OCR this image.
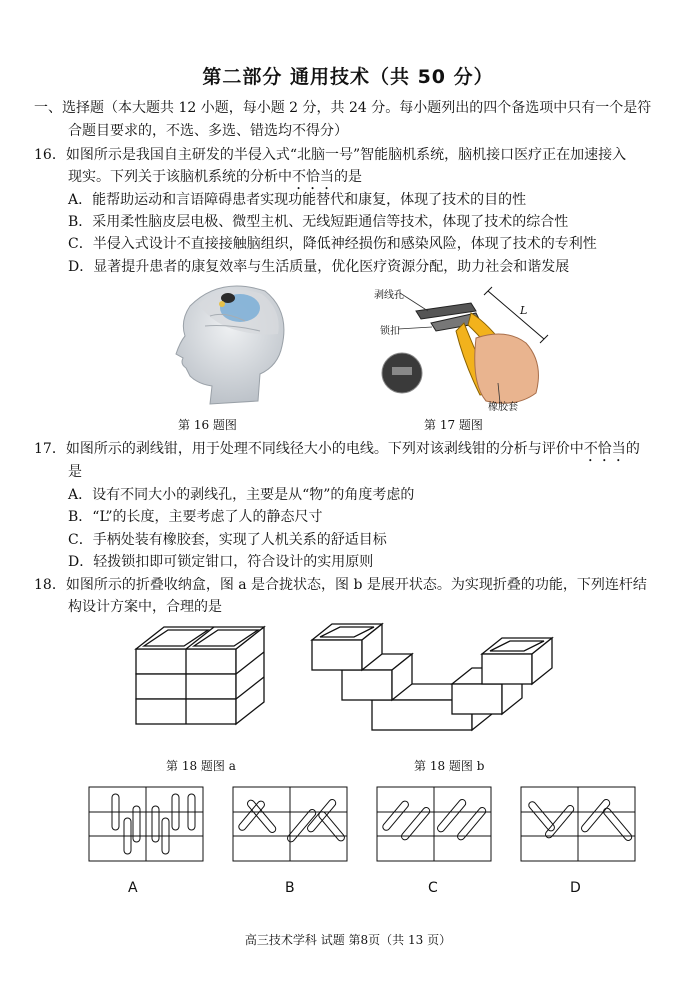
第二部分 通用技术（共 50 分）
一、选择题（本大题共 12 小题，每小题 2 分，共 24 分。每小题列出的四个备选项中只有一个是符
合题目要求的，不选、多选、错选均不得分）
16．如图所示是我国自主研发的半侵入式“北脑一号”智能脑机系统，脑机接口医疗正在加速接入
现实。下列关于该脑机系统的分析中不恰当的是
A．能帮助运动和言语障碍患者实现功能替代和康复，体现了技术的目的性
B．采用柔性脑皮层电极、微型主机、无线短距通信等技术，体现了技术的综合性
C．半侵入式设计不直接接触脑组织，降低神经损伤和感染风险，体现了技术的专利性
D．显著提升患者的康复效率与生活质量，优化医疗资源分配，助力社会和谐发展
第 16 题图
剥线孔
锁扣
橡胶套
L
第 17 题图
17．如图所示的剥线钳，用于处理不同线径大小的电线。下列对该剥线钳的分析与评价中不恰当的
是
A．设有不同大小的剥线孔，主要是从“物”的角度考虑的
B．“L”的长度，主要考虑了人的静态尺寸
C．手柄处装有橡胶套，实现了人机关系的舒适目标
D．轻拨锁扣即可锁定钳口，符合设计的实用原则
18．如图所示的折叠收纳盒，图 a 是合拢状态，图 b 是展开状态。为实现折叠的功能，下列连杆结
构设计方案中，合理的是
第 18 题图 a	第 18 题图 b
A	B	C	D
高三技术学科 试题 第8页（共 13 页）
